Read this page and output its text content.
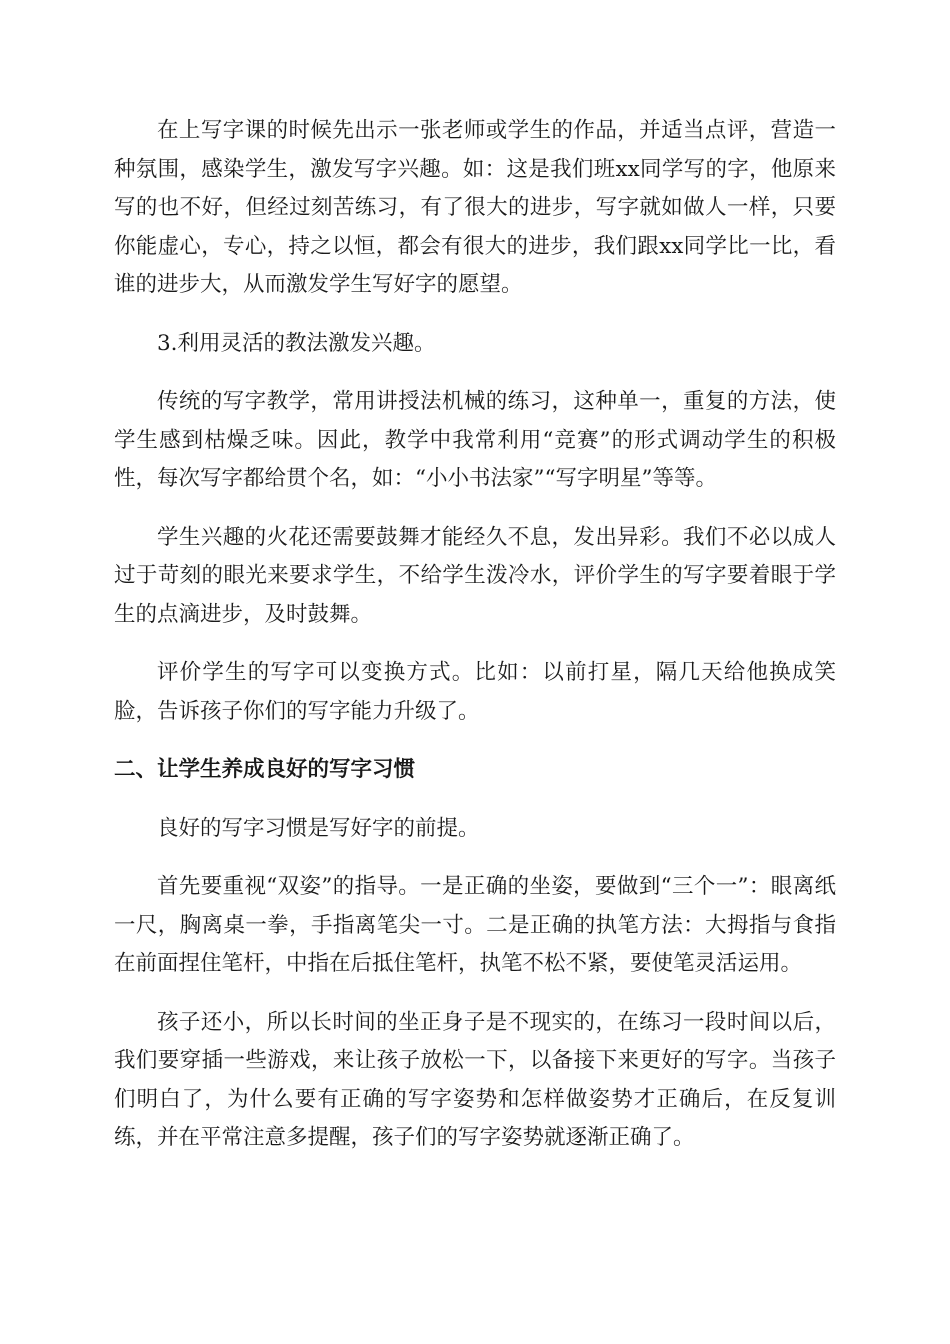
在上写字课的时候先出示一张老师或学生的作品，并适当点评，营造一种氛围，感染学生，激发写字兴趣。如：这是我们班xx同学写的字，他原来写的也不好，但经过刻苦练习，有了很大的进步，写字就如做人一样，只要你能虚心，专心，持之以恒，都会有很大的进步，我们跟xx同学比一比，看谁的进步大，从而激发学生写好字的愿望。

3.利用灵活的教法激发兴趣。

传统的写字教学，常用讲授法机械的练习，这种单一，重复的方法，使学生感到枯燥乏味。因此，教学中我常利用“竞赛”的形式调动学生的积极性，每次写字都给贯个名，如：“小小书法家”“写字明星”等等。

学生兴趣的火花还需要鼓舞才能经久不息，发出异彩。我们不必以成人过于苛刻的眼光来要求学生，不给学生泼冷水，评价学生的写字要着眼于学生的点滴进步，及时鼓舞。

评价学生的写字可以变换方式。比如：以前打星，隔几天给他换成笑脸，告诉孩子你们的写字能力升级了。

二、让学生养成良好的写字习惯

良好的写字习惯是写好字的前提。

首先要重视“双姿”的指导。一是正确的坐姿，要做到“三个一”：眼离纸一尺，胸离桌一拳，手指离笔尖一寸。二是正确的执笔方法：大拇指与食指在前面捏住笔杆，中指在后抵住笔杆，执笔不松不紧，要使笔灵活运用。

孩子还小，所以长时间的坐正身子是不现实的，在练习一段时间以后，我们要穿插一些游戏，来让孩子放松一下，以备接下来更好的写字。当孩子们明白了，为什么要有正确的写字姿势和怎样做姿势才正确后，在反复训练，并在平常注意多提醒，孩子们的写字姿势就逐渐正确了。
